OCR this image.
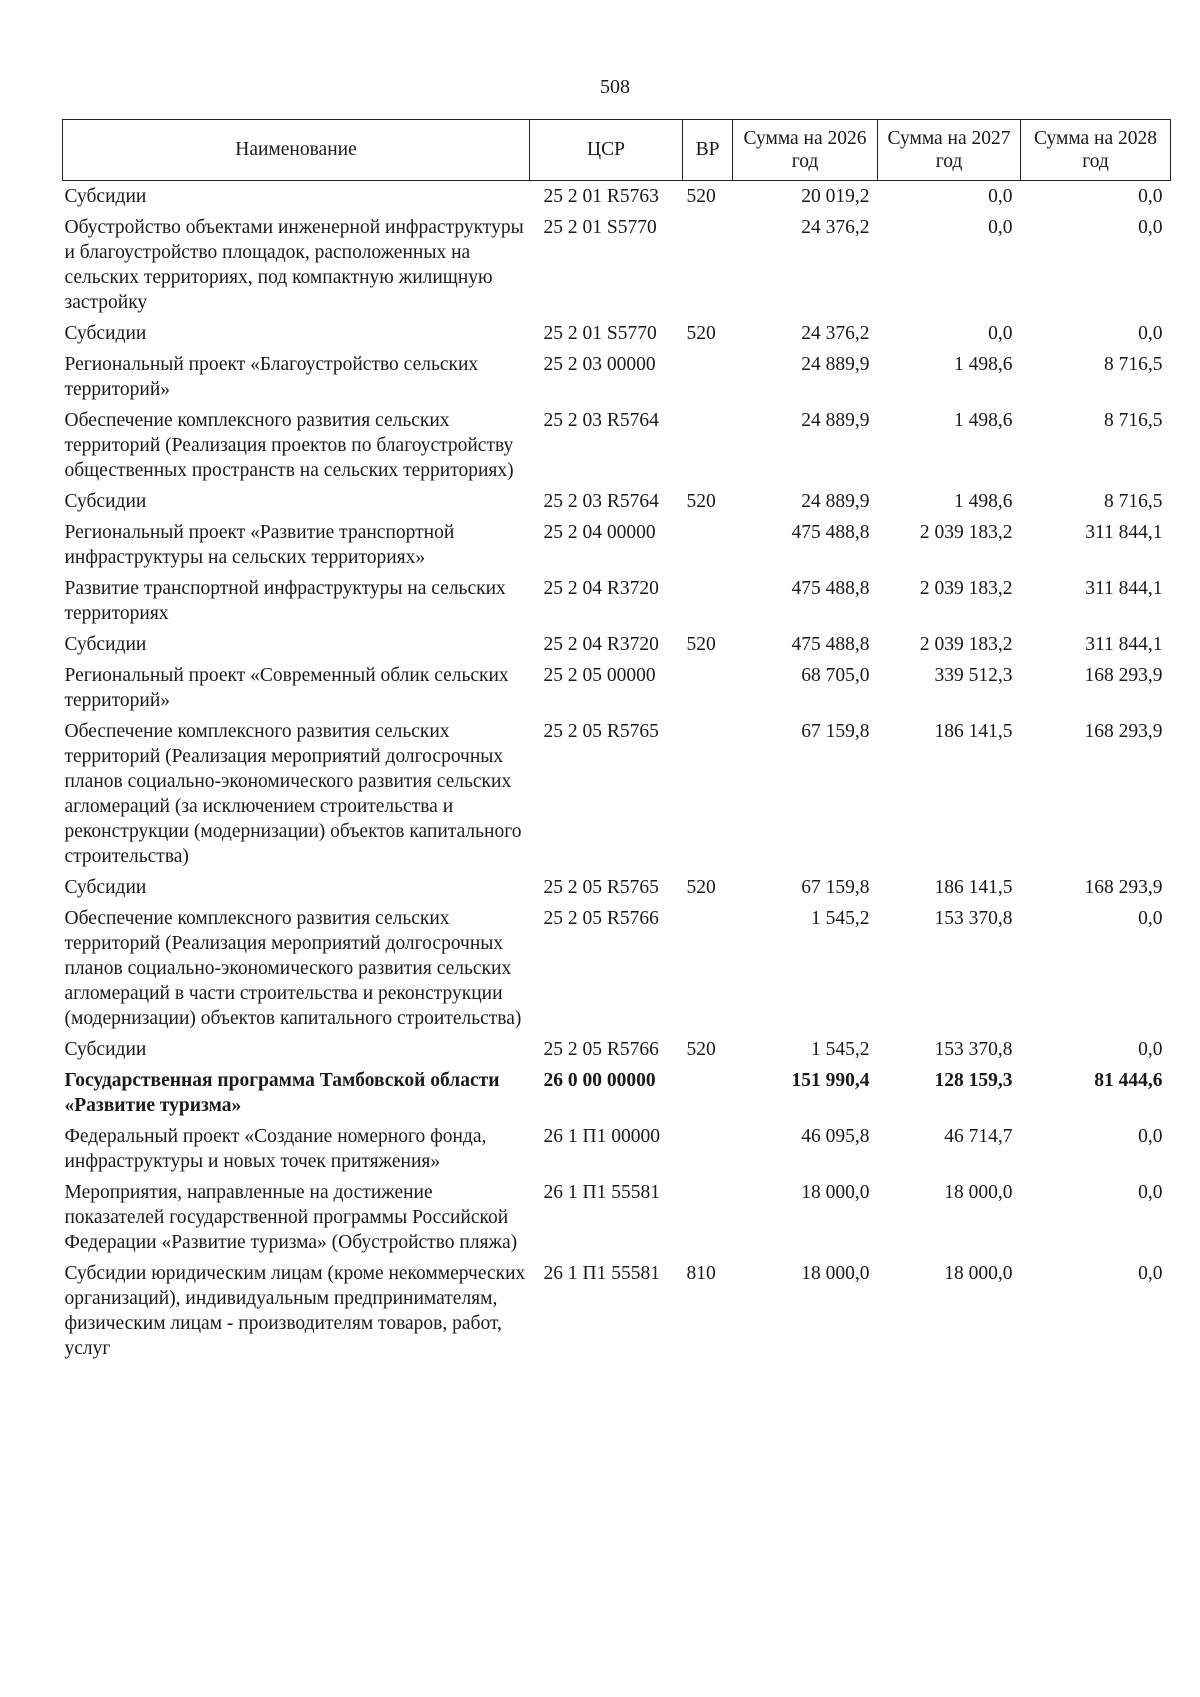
508
Наименование	ЦСР	ВР	Сумма на 2026 год	Сумма на 2027 год	Сумма на 2028 год
Субсидии	25 2 01 R5763	520	20 019,2	0,0	0,0
Обустройство объектами инженерной инфраструктуры и благоустройство площадок, расположенных на сельских территориях, под компактную жилищную застройку	25 2 01 S5770		24 376,2	0,0	0,0
Субсидии	25 2 01 S5770	520	24 376,2	0,0	0,0
Региональный проект «Благоустройство сельских территорий»	25 2 03 00000		24 889,9	1 498,6	8 716,5
Обеспечение комплексного развития сельских территорий (Реализация проектов по благоустройству общественных пространств на сельских территориях)	25 2 03 R5764		24 889,9	1 498,6	8 716,5
Субсидии	25 2 03 R5764	520	24 889,9	1 498,6	8 716,5
Региональный проект «Развитие транспортной инфраструктуры на сельских территориях»	25 2 04 00000		475 488,8	2 039 183,2	311 844,1
Развитие транспортной инфраструктуры на сельских территориях	25 2 04 R3720		475 488,8	2 039 183,2	311 844,1
Субсидии	25 2 04 R3720	520	475 488,8	2 039 183,2	311 844,1
Региональный проект «Современный облик сельских территорий»	25 2 05 00000		68 705,0	339 512,3	168 293,9
Обеспечение комплексного развития сельских территорий (Реализация мероприятий долгосрочных планов социально-экономического развития сельских агломераций (за исключением строительства и реконструкции (модернизации) объектов капитального строительства)	25 2 05 R5765		67 159,8	186 141,5	168 293,9
Субсидии	25 2 05 R5765	520	67 159,8	186 141,5	168 293,9
Обеспечение комплексного развития сельских территорий (Реализация мероприятий долгосрочных планов социально-экономического развития сельских агломераций в части строительства и реконструкции (модернизации) объектов капитального строительства)	25 2 05 R5766		1 545,2	153 370,8	0,0
Субсидии	25 2 05 R5766	520	1 545,2	153 370,8	0,0
Государственная программа Тамбовской области «Развитие туризма»	26 0 00 00000		151 990,4	128 159,3	81 444,6
Федеральный проект «Создание номерного фонда, инфраструктуры и новых точек притяжения»	26 1 П1 00000		46 095,8	46 714,7	0,0
Мероприятия, направленные на достижение показателей государственной программы Российской Федерации «Развитие туризма» (Обустройство пляжа)	26 1 П1 55581		18 000,0	18 000,0	0,0
Субсидии юридическим лицам (кроме некоммерческих организаций), индивидуальным предпринимателям, физическим лицам - производителям товаров, работ, услуг	26 1 П1 55581	810	18 000,0	18 000,0	0,0
